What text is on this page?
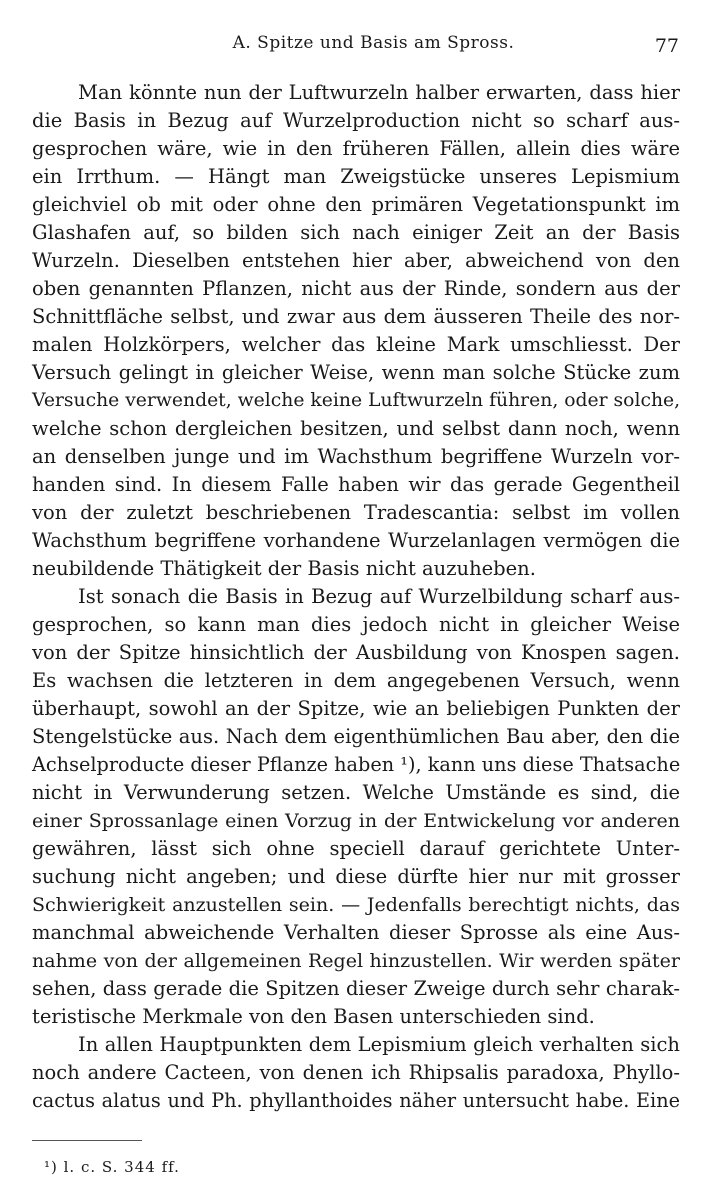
A. Spitze und Basis am Spross.	77
Man könnte nun der Luftwurzeln halber erwarten, dass hier
die Basis in Bezug auf Wurzelproduction nicht so scharf aus-
gesprochen wäre, wie in den früheren Fällen, allein dies wäre
ein Irrthum. — Hängt man Zweigstücke unseres Lepismium
gleichviel ob mit oder ohne den primären Vegetationspunkt im
Glashafen auf, so bilden sich nach einiger Zeit an der Basis
Wurzeln. Dieselben entstehen hier aber, abweichend von den
oben genannten Pflanzen, nicht aus der Rinde, sondern aus der
Schnittfläche selbst, und zwar aus dem äusseren Theile des nor-
malen Holzkörpers, welcher das kleine Mark umschliesst. Der
Versuch gelingt in gleicher Weise, wenn man solche Stücke zum
Versuche verwendet, welche keine Luftwurzeln führen, oder solche,
welche schon dergleichen besitzen, und selbst dann noch, wenn
an denselben junge und im Wachsthum begriffene Wurzeln vor-
handen sind. In diesem Falle haben wir das gerade Gegentheil
von der zuletzt beschriebenen Tradescantia: selbst im vollen
Wachsthum begriffene vorhandene Wurzelanlagen vermögen die
neubildende Thätigkeit der Basis nicht auzuheben.
Ist sonach die Basis in Bezug auf Wurzelbildung scharf aus-
gesprochen, so kann man dies jedoch nicht in gleicher Weise
von der Spitze hinsichtlich der Ausbildung von Knospen sagen.
Es wachsen die letzteren in dem angegebenen Versuch, wenn
überhaupt, sowohl an der Spitze, wie an beliebigen Punkten der
Stengelstücke aus. Nach dem eigenthümlichen Bau aber, den die
Achselproducte dieser Pflanze haben ¹), kann uns diese Thatsache
nicht in Verwunderung setzen. Welche Umstände es sind, die
einer Sprossanlage einen Vorzug in der Entwickelung vor anderen
gewähren, lässt sich ohne speciell darauf gerichtete Unter-
suchung nicht angeben; und diese dürfte hier nur mit grosser
Schwierigkeit anzustellen sein. — Jedenfalls berechtigt nichts, das
manchmal abweichende Verhalten dieser Sprosse als eine Aus-
nahme von der allgemeinen Regel hinzustellen. Wir werden später
sehen, dass gerade die Spitzen dieser Zweige durch sehr charak-
teristische Merkmale von den Basen unterschieden sind.
In allen Hauptpunkten dem Lepismium gleich verhalten sich
noch andere Cacteen, von denen ich Rhipsalis paradoxa, Phyllo-
cactus alatus und Ph. phyllanthoides näher untersucht habe. Eine
¹) l. c. S. 344 ff.
